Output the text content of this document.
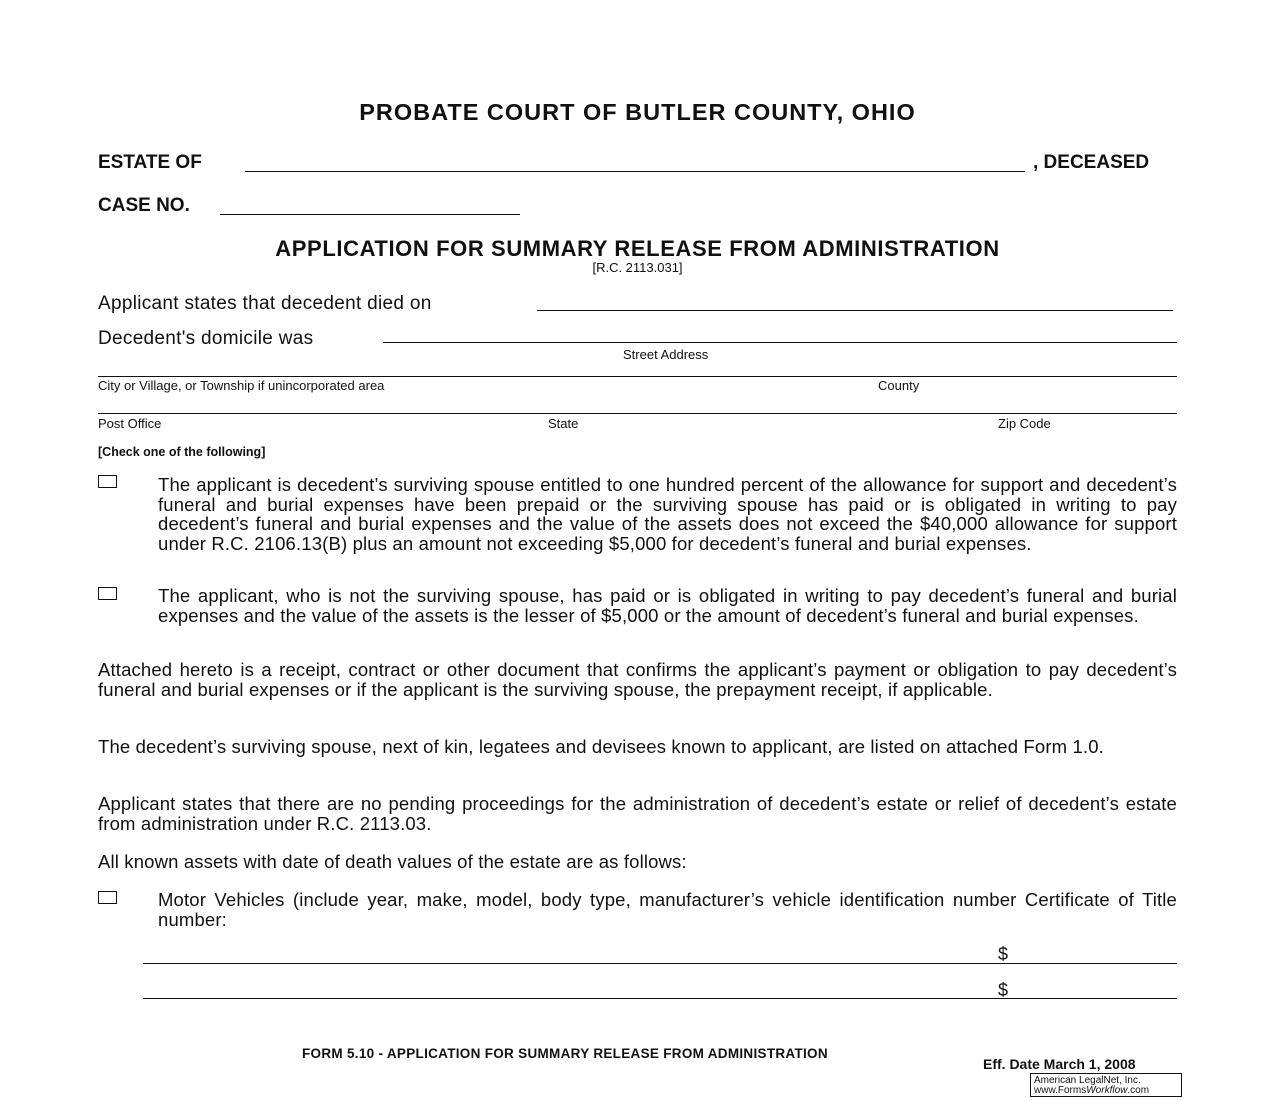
PROBATE COURT OF BUTLER COUNTY, OHIO
ESTATE OF	, DECEASED
CASE NO.
APPLICATION FOR SUMMARY RELEASE FROM ADMINISTRATION
[R.C. 2113.031]
Applicant states that decedent died on
Decedent's domicile was
Street Address
City or Village, or Township if unincorporated area	County
Post Office	State	Zip Code
[Check one of the following]
The applicant is decedent’s surviving spouse entitled to one hundred percent of the allowance for support and decedent’s funeral and burial expenses have been prepaid or the surviving spouse has paid or is obligated in writing to pay decedent’s funeral and burial expenses and the value of the assets does not exceed the $40,000 allowance for support under R.C. 2106.13(B) plus an amount not exceeding $5,000 for decedent’s funeral and burial expenses.
The applicant, who is not the surviving spouse, has paid or is obligated in writing to pay decedent’s funeral and burial expenses and the value of the assets is the lesser of $5,000 or the amount of decedent’s funeral and burial expenses.
Attached hereto is a receipt, contract or other document that confirms the applicant’s payment or obligation to pay decedent’s funeral and burial expenses or if the applicant is the surviving spouse, the prepayment receipt, if applicable.
The decedent’s surviving spouse, next of kin, legatees and devisees known to applicant, are listed on attached Form 1.0.
Applicant states that there are no pending proceedings for the administration of decedent’s estate or relief of decedent’s estate from administration under R.C. 2113.03.
All known assets with date of death values of the estate are as follows:
Motor Vehicles (include year, make, model, body type, manufacturer’s vehicle identification number Certificate of Title number:
$
$
FORM 5.10 - APPLICATION FOR SUMMARY RELEASE FROM ADMINISTRATION
Eff. Date March 1, 2008
American LegalNet, Inc.
www.FormsWorkflow.com
